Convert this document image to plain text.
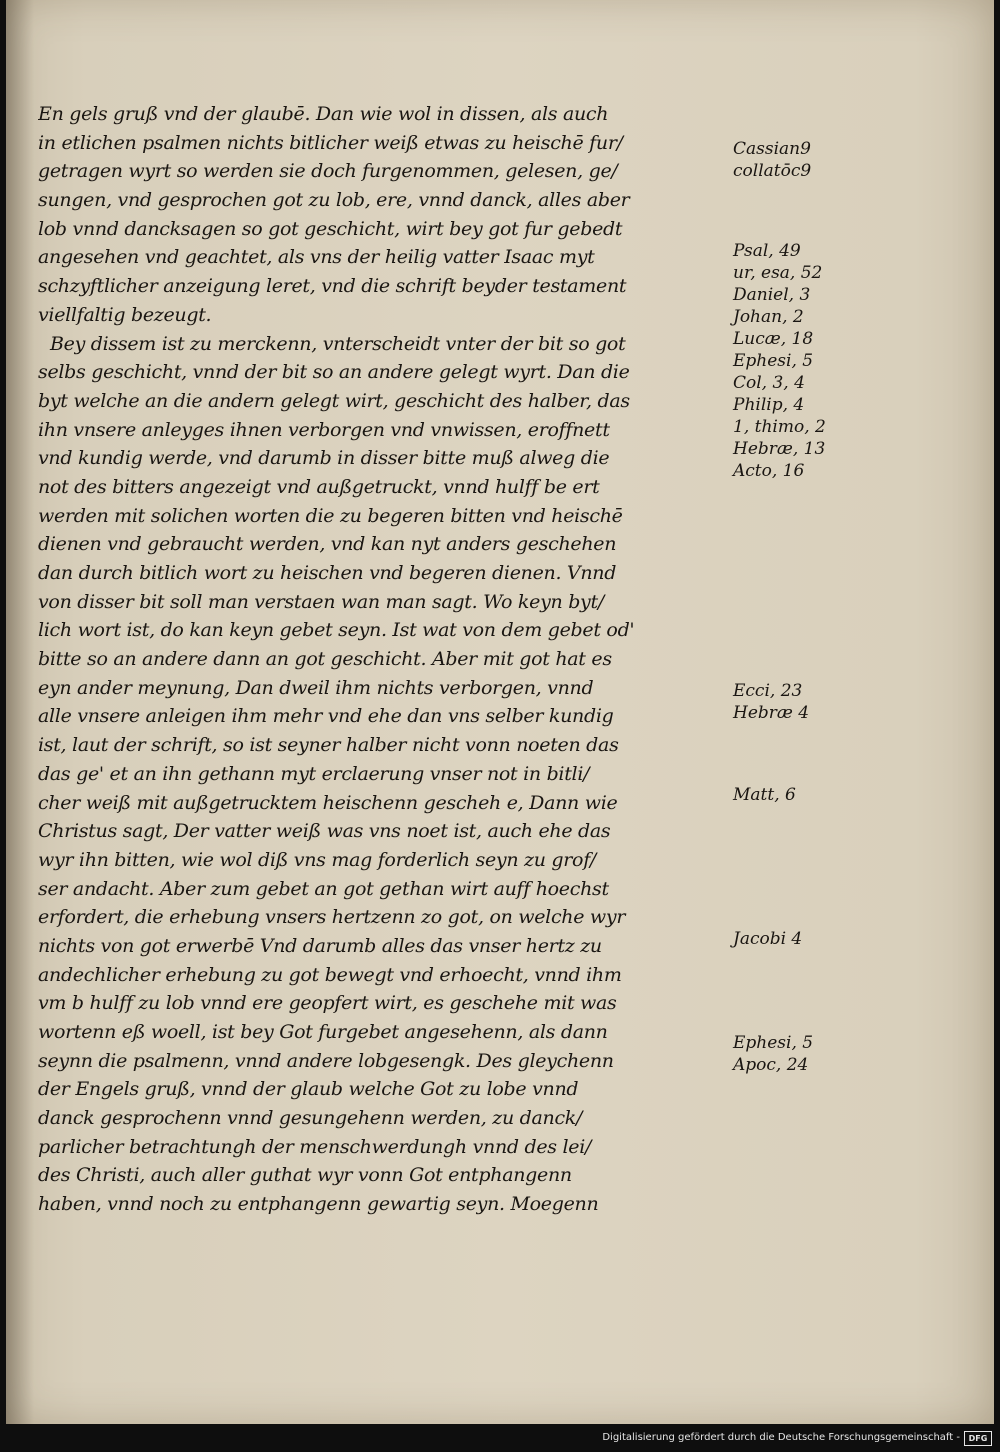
En gels gruß vnd der glaubē. Dan wie wol in dissen, als auch
in etlichen psalmen nichts bitlicher weiß etwas zu heischē fur/
getragen wyrt so werden sie doch furgenommen, gelesen, ge/
sungen, vnd gesprochen got zu lob, ere, vnnd danck, alles aber
lob vnnd dancksagen so got geschicht, wirt bey got fur gebedt
angesehen vnd geachtet, als vns der heilig vatter Isaac myt
schzyftlicher anzeigung leret, vnd die schrift beyder testament
viellfaltig bezeugt.
Bey dissem ist zu merckenn, vnterscheidt vnter der bit so got
selbs geschicht, vnnd der bit so an andere gelegt wyrt. Dan die
byt welche an die andern gelegt wirt, geschicht des halber, das
ihn vnsere anleyges ihnen verborgen vnd vnwissen, eroffnett
vnd kundig werde, vnd darumb in disser bitte muß alweg die
not des bitters angezeigt vnd außgetruckt, vnnd hulff be ert
werden mit solichen worten die zu begeren bitten vnd heischē
dienen vnd gebraucht werden, vnd kan nyt anders geschehen
dan durch bitlich wort zu heischen vnd begeren dienen. Vnnd
von disser bit soll man verstaen wan man sagt. Wo keyn byt/
lich wort ist, do kan keyn gebet seyn. Ist wat von dem gebet od'
bitte so an andere dann an got geschicht. Aber mit got hat es
eyn ander meynung, Dan dweil ihm nichts verborgen, vnnd
alle vnsere anleigen ihm mehr vnd ehe dan vns selber kundig
ist, laut der schrift, so ist seyner halber nicht vonn noeten das
das ge' et an ihn gethann myt erclaerung vnser not in bitli/
cher weiß mit außgetrucktem heischenn gescheh e, Dann wie
Christus sagt, Der vatter weiß was vns noet ist, auch ehe das
wyr ihn bitten, wie wol diß vns mag forderlich seyn zu grof/
ser andacht. Aber zum gebet an got gethan wirt auff hoechst
erfordert, die erhebung vnsers hertzenn zo got, on welche wyr
nichts von got erwerbē Vnd darumb alles das vnser hertz zu
andechlicher erhebung zu got bewegt vnd erhoecht, vnnd ihm
vm b hulff zu lob vnnd ere geopfert wirt, es geschehe mit was
wortenn eß woell, ist bey Got furgebet angesehenn, als dann
seynn die psalmenn, vnnd andere lobgesengk. Des gleychenn
der Engels gruß, vnnd der glaub welche Got zu lobe vnnd
danck gesprochenn vnnd gesungehenn werden, zu danck/
parlicher betrachtungh der menschwerdungh vnnd des lei/
des Christi, auch aller guthat wyr vonn Got entphangenn
haben, vnnd noch zu entphangenn gewartig seyn. Moegenn
Cassian9
collatōc9
Psal, 49
ur, esa, 52
Daniel, 3
Johan, 2
Lucæ, 18
Ephesi, 5
Col, 3, 4
Philip, 4
1, thimo, 2
Hebræ, 13
Acto, 16
Ecci, 23
Hebræ 4
Matt, 6
Jacobi 4
Ephesi, 5
Apoc, 24
Digitalisierung gefördert durch die Deutsche Forschungsgemeinschaft -	DFG
